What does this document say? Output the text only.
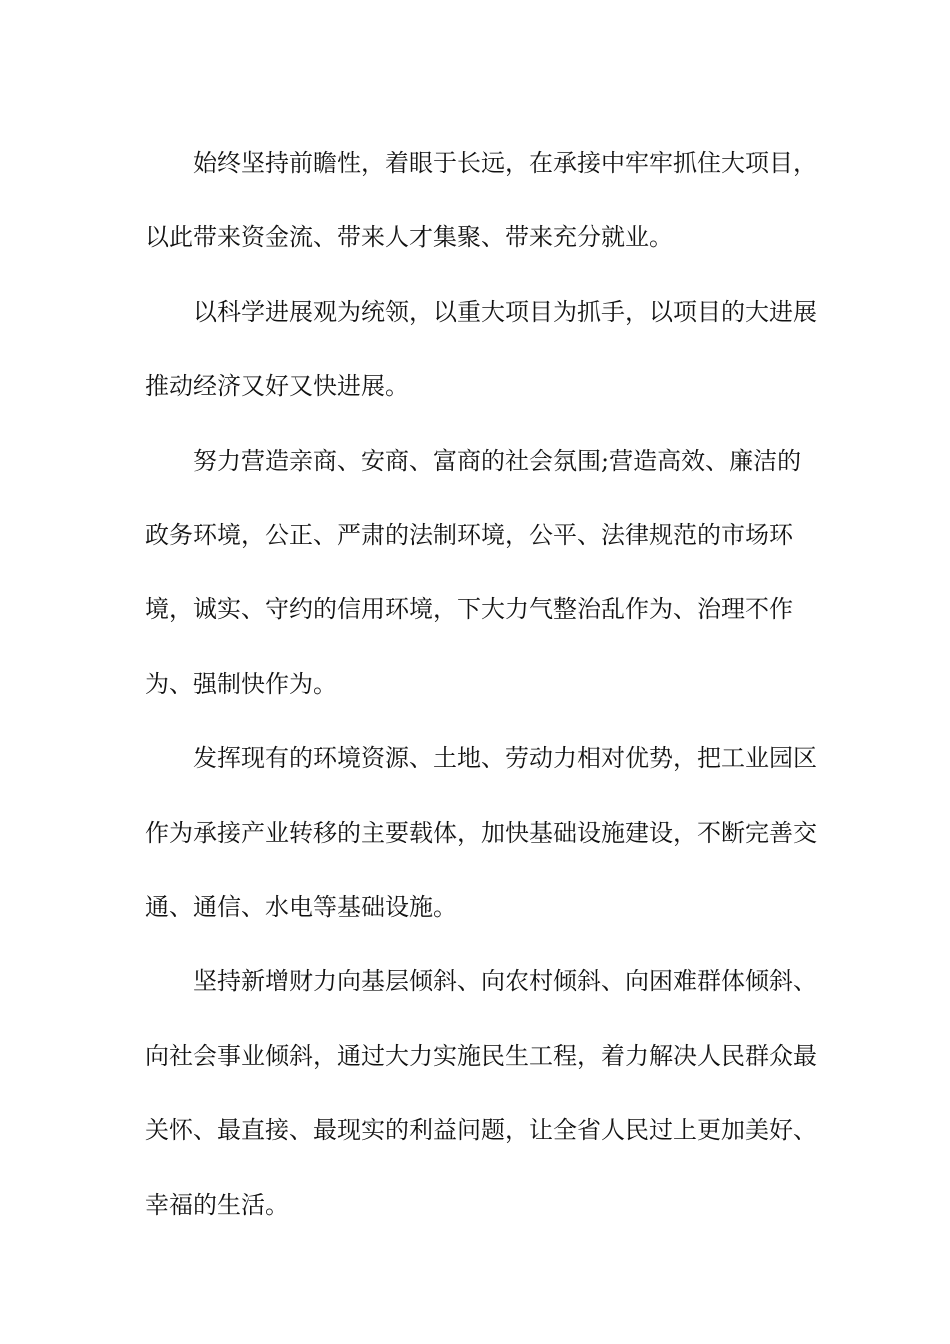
始终坚持前瞻性，着眼于长远，在承接中牢牢抓住大项目，以此带来资金流、带来人才集聚、带来充分就业。

以科学进展观为统领，以重大项目为抓手，以项目的大进展推动经济又好又快进展。

努力营造亲商、安商、富商的社会氛围;营造高效、廉洁的政务环境，公正、严肃的法制环境，公平、法律规范的市场环境，诚实、守约的信用环境，下大力气整治乱作为、治理不作为、强制快作为。

发挥现有的环境资源、土地、劳动力相对优势，把工业园区作为承接产业转移的主要载体，加快基础设施建设，不断完善交通、通信、水电等基础设施。

坚持新增财力向基层倾斜、向农村倾斜、向困难群体倾斜、向社会事业倾斜，通过大力实施民生工程，着力解决人民群众最关怀、最直接、最现实的利益问题，让全省人民过上更加美好、幸福的生活。
